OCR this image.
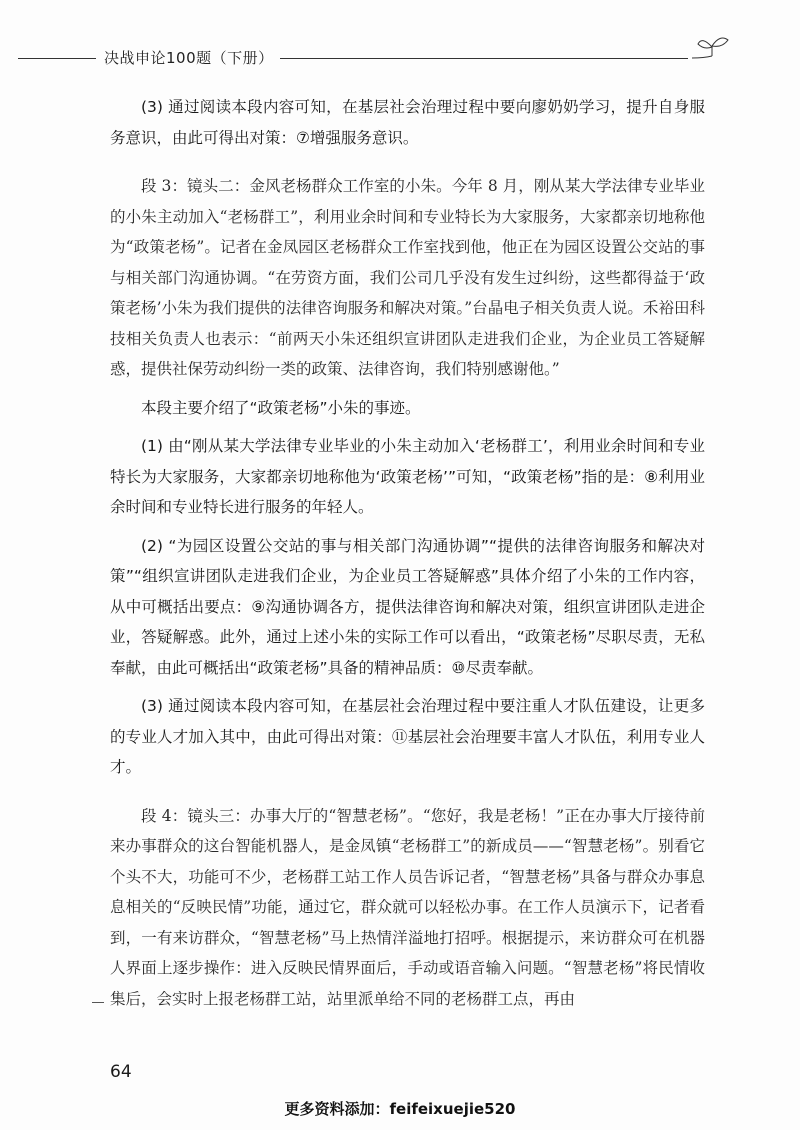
决战申论100题（下册）

(3) 通过阅读本段内容可知，在基层社会治理过程中要向廖奶奶学习，提升自身服务意识，由此可得出对策：⑦增强服务意识。

段 3：镜头二：金风老杨群众工作室的小朱。今年 8 月，刚从某大学法律专业毕业的小朱主动加入“老杨群工”，利用业余时间和专业特长为大家服务，大家都亲切地称他为“政策老杨”。记者在金凤园区老杨群众工作室找到他，他正在为园区设置公交站的事与相关部门沟通协调。“在劳资方面，我们公司几乎没有发生过纠纷，这些都得益于‘政策老杨’小朱为我们提供的法律咨询服务和解决对策。”台晶电子相关负责人说。禾裕田科技相关负责人也表示：“前两天小朱还组织宣讲团队走进我们企业，为企业员工答疑解惑，提供社保劳动纠纷一类的政策、法律咨询，我们特别感谢他。”

本段主要介绍了“政策老杨”小朱的事迹。

(1) 由“刚从某大学法律专业毕业的小朱主动加入‘老杨群工’，利用业余时间和专业特长为大家服务，大家都亲切地称他为‘政策老杨’”可知，“政策老杨”指的是：⑧利用业余时间和专业特长进行服务的年轻人。

(2) “为园区设置公交站的事与相关部门沟通协调”“提供的法律咨询服务和解决对策”“组织宣讲团队走进我们企业，为企业员工答疑解惑”具体介绍了小朱的工作内容，从中可概括出要点：⑨沟通协调各方，提供法律咨询和解决对策，组织宣讲团队走进企业，答疑解惑。此外，通过上述小朱的实际工作可以看出，“政策老杨”尽职尽责，无私奉献，由此可概括出“政策老杨”具备的精神品质：⑩尽责奉献。

(3) 通过阅读本段内容可知，在基层社会治理过程中要注重人才队伍建设，让更多的专业人才加入其中，由此可得出对策：⑪基层社会治理要丰富人才队伍，利用专业人才。

段 4：镜头三：办事大厅的“智慧老杨”。“您好，我是老杨！”正在办事大厅接待前来办事群众的这台智能机器人，是金凤镇“老杨群工”的新成员——“智慧老杨”。别看它个头不大，功能可不少，老杨群工站工作人员告诉记者，“智慧老杨”具备与群众办事息息相关的“反映民情”功能，通过它，群众就可以轻松办事。在工作人员演示下，记者看到，一有来访群众，“智慧老杨”马上热情洋溢地打招呼。根据提示，来访群众可在机器人界面上逐步操作：进入反映民情界面后，手动或语音输入问题。“智慧老杨”将民情收集后，会实时上报老杨群工站，站里派单给不同的老杨群工点，再由

64
更多资料添加：feifeixuejie520
